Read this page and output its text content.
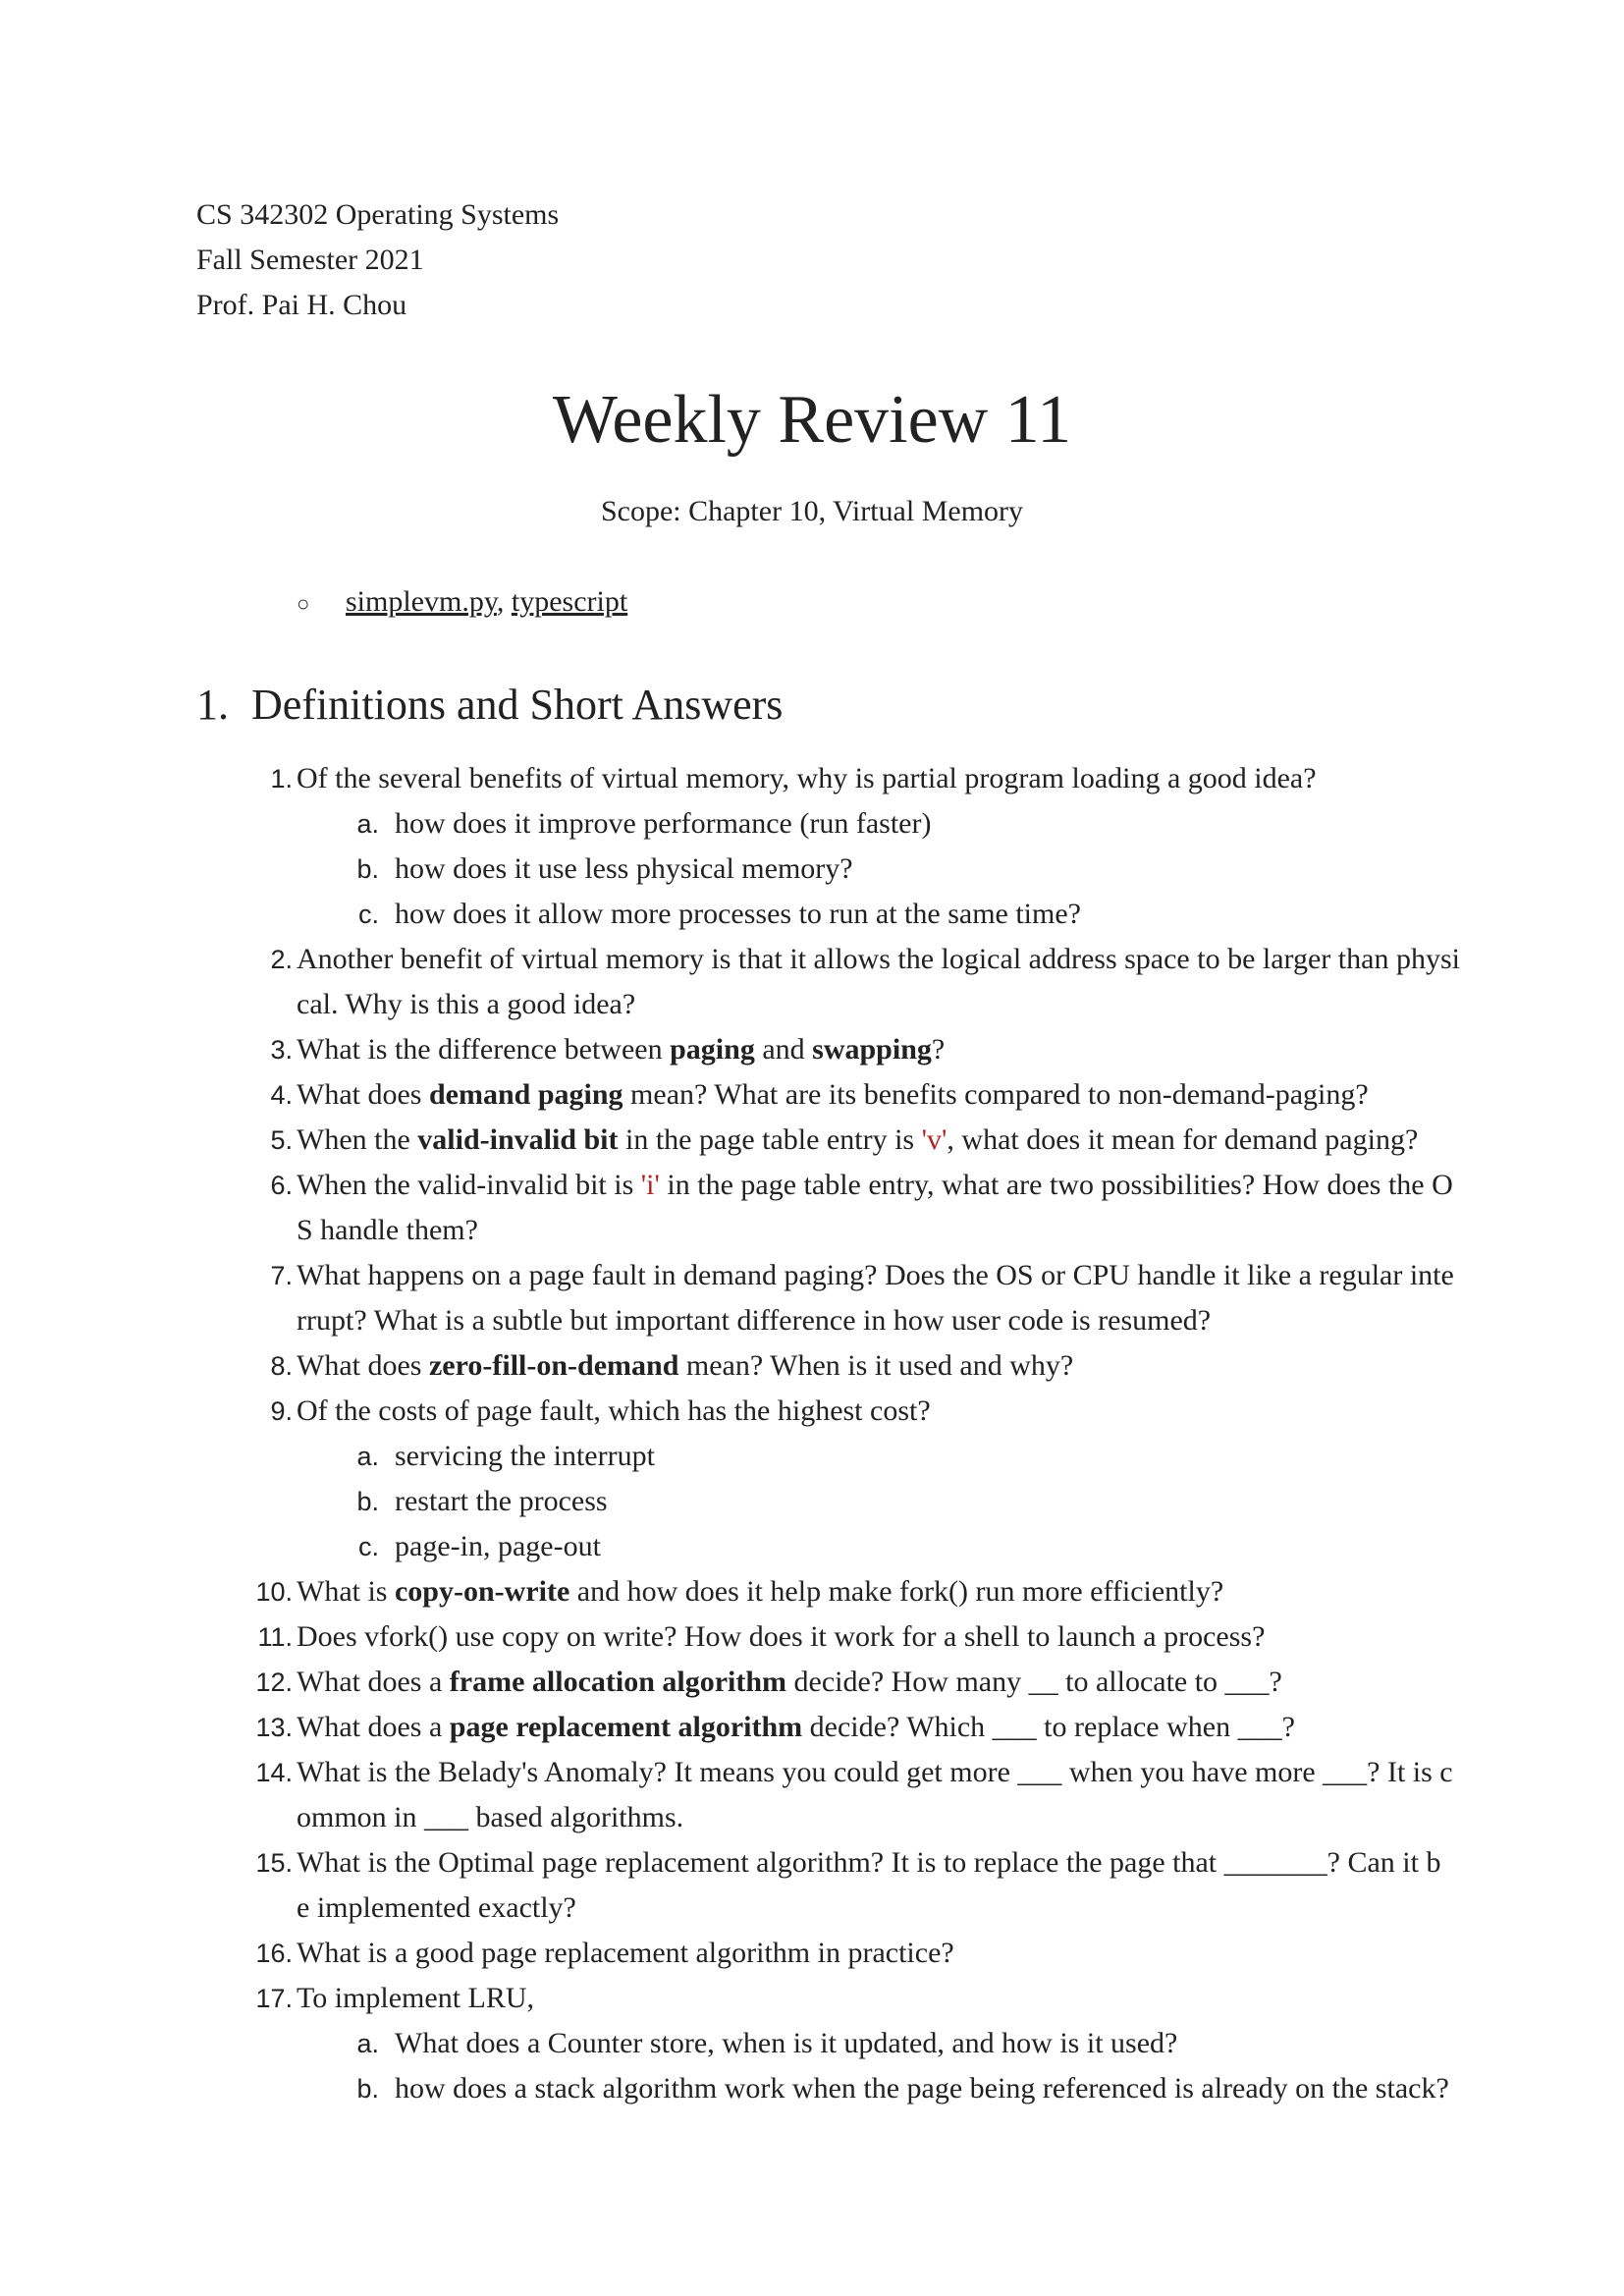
CS 342302 Operating Systems
Fall Semester 2021
Prof. Pai H. Chou
Weekly Review 11
Scope: Chapter 10, Virtual Memory
○ simplevm.py, typescript
1. Definitions and Short Answers
1. Of the several benefits of virtual memory, why is partial program loading a good idea?
a. how does it improve performance (run faster)
b. how does it use less physical memory?
c. how does it allow more processes to run at the same time?
2. Another benefit of virtual memory is that it allows the logical address space to be larger than physi
cal. Why is this a good idea?
3. What is the difference between paging and swapping?
4. What does demand paging mean? What are its benefits compared to non-demand-paging?
5. When the valid-invalid bit in the page table entry is 'v', what does it mean for demand paging?
6. When the valid-invalid bit is 'i' in the page table entry, what are two possibilities? How does the O
S handle them?
7. What happens on a page fault in demand paging? Does the OS or CPU handle it like a regular inte
rrupt? What is a subtle but important difference in how user code is resumed?
8. What does zero-fill-on-demand mean? When is it used and why?
9. Of the costs of page fault, which has the highest cost?
a. servicing the interrupt
b. restart the process
c. page-in, page-out
10. What is copy-on-write and how does it help make fork() run more efficiently?
11. Does vfork() use copy on write? How does it work for a shell to launch a process?
12. What does a frame allocation algorithm decide? How many __ to allocate to ___?
13. What does a page replacement algorithm decide? Which ___ to replace when ___?
14. What is the Belady's Anomaly? It means you could get more ___ when you have more ___? It is c
ommon in ___ based algorithms.
15. What is the Optimal page replacement algorithm? It is to replace the page that _______? Can it b
e implemented exactly?
16. What is a good page replacement algorithm in practice?
17. To implement LRU,
a. What does a Counter store, when is it updated, and how is it used?
b. how does a stack algorithm work when the page being referenced is already on the stack?
